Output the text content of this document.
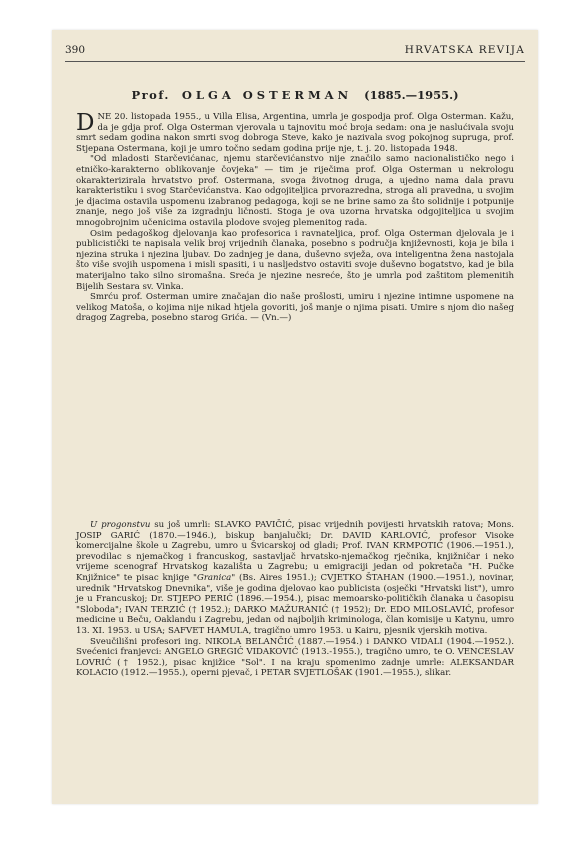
390	HRVATSKA REVIJA
Prof. OLGA OSTERMAN (1885.—1955.)

DNE 20. listopada 1955., u Villa Elisa, Argentina, umrla je gospodja prof. Olga Osterman. Kažu, da je gdja prof. Olga Osterman vjerovala u tajnovitu moć broja sedam: ona je naslućivala svoju smrt sedam godina nakon smrti svog dobroga Steve, kako je nazivala svog pokojnog supruga, prof. Stjepana Ostermana, koji je umro točno sedam godina prije nje, t. j. 20. listopada 1948.

"Od mladosti Starčevićanac, njemu starčevićanstvo nije značilo samo nacionalističko nego i etničko-karakterno oblikovanje čovjeka" — tim je riječima prof. Olga Osterman u nekrologu okarakterizirala hrvatstvo prof. Ostermana, svoga životnog druga, a ujedno nama dala pravu karakteristiku i svog Starčevićanstva. Kao odgojiteljica prvorazredna, stroga ali pravedna, u svojim je djacima ostavila uspomenu izabranog pedagoga, koji se ne brine samo za što solidnije i potpunije znanje, nego još više za izgradnju ličnosti. Stoga je ova uzorna hrvatska odgojiteljica u svojim mnogobrojnim učenicima ostavila plodove svojeg plemenitog rada.

Osim pedagoškog djelovanja kao profesorica i ravnateljica, prof. Olga Osterman djelovala je i publicistički te napisala velik broj vrijednih članaka, posebno s područja književnosti, koja je bila i njezina struka i njezina ljubav. Do zadnjeg je dana, duševno svježa, ova inteligentna žena nastojala što više svojih uspomena i misli spasiti, i u nasljedstvo ostaviti svoje duševno bogatstvo, kad je bila materijalno tako silno siromašna. Sreća je njezine nesreće, što je umrla pod zaštitom plemenitih Bijelih Sestara sv. Vinka.

Smrću prof. Osterman umire značajan dio naše prošlosti, umiru i njezine intimne uspomene na velikog Matoša, o kojima nije nikad htjela govoriti, još manje o njima pisati. Umire s njom dio našeg dragog Zagreba, posebno starog Grića. — (Vn.—)

U progonstvu su još umrli: SLAVKO PAVIČIĆ, pisac vrijednih povijesti hrvatskih ratova; Mons. JOSIP GARIĆ (1870.—1946.), biskup banjalučki; Dr. DAVID KARLOVIĆ, profesor Visoke komercijalne škole u Zagrebu, umro u Švicarskoj od gladi; Prof. IVAN KRMPOTIĆ (1906.—1951.), prevodilac s njemačkog i francuskog, sastavljač hrvatsko-njemačkog rječnika, knjižničar i neko vrijeme scenograf Hrvatskog kazališta u Zagrebu; u emigraciji jedan od pokretača "H. Pučke Knjižnice" te pisac knjige "Granica" (Bs. Aires 1951.); CVJETKO ŠTAHAN (1900.—1951.), novinar, urednik "Hrvatskog Dnevnika", više je godina djelovao kao publicista (osječki "Hrvatski list"), umro je u Francuskoj; Dr. STJEPO PERIĆ (1896.—1954.), pisac memoarsko-političkih članaka u časopisu "Sloboda"; IVAN TERZIĆ († 1952.); DARKO MAŽURANIĆ († 1952); Dr. EDO MILOSLAVIĆ, profesor medicine u Beču, Oaklandu i Zagrebu, jedan od najboljih kriminologa, član komisije u Katynu, umro 13. XI. 1953. u USA; SAFVET HAMULA, tragično umro 1953. u Kairu, pjesnik vjerskih motiva.

Sveučilišni profesori ing. NIKOLA BELANČIĆ (1887.—1954.) i DANKO VIDALI (1904.—1952.). Svećenici franjevci: ANGELO GREGIĆ VIDAKOVIĆ (1913.-1955.), tragično umro, te O. VENCESLAV LOVRIĆ († 1952.), pisac knjižice "Sol". I na kraju spomenimo zadnje umrle: ALEKSANDAR KOLACIO (1912.—1955.), operni pjevač, i PETAR SVJETLOŠAK (1901.—1955.), slikar.
